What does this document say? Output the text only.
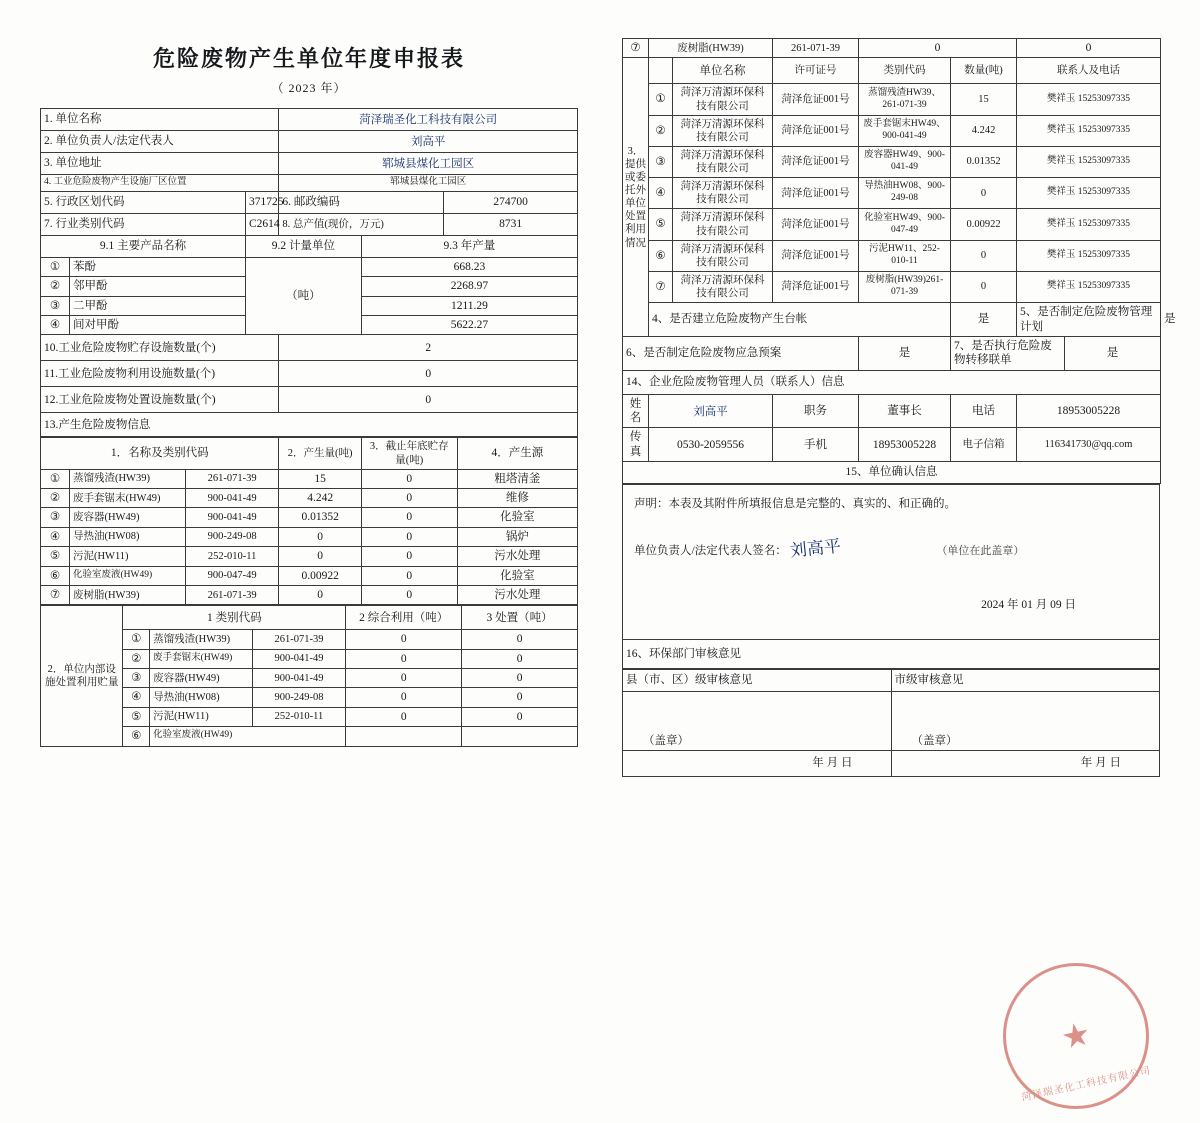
危险废物产生单位年度申报表
（ 2023 年）
1. 单位名称			菏泽瑞圣化工科技有限公司		
2. 单位负责人/法定代表人			刘高平		
3. 单位地址			郓城县煤化工园区		
4. 工业危险废物产生设施厂区位置			郓城县煤化工园区		
5. 行政区划代码		371725	6. 邮政编码		274700
7. 行业类别代码		C2614	8. 总产值(现价，万元)		8731
9.1 主要产品名称		9.2 计量单位		9.3 年产量	
①	苯酚	（吨）		668.23	
②	邻甲酚			2268.97	
③	二甲酚			1211.29	
④	间对甲酚			5622.27	
10.工业危险废物贮存设施数量(个)			2		
11.工业危险废物利用设施数量(个)			0		
12.工业危险废物处置设施数量(个)			0		
13.产生危险废物信息					
1．名称及类别代码			2．产生量(吨)	3．截止年底贮存量(吨)	4．产生源
①	蒸馏残渣(HW39)	261-071-39	15	0	粗塔清釜
②	废手套锯末(HW49)	900-041-49	4.242	0	维修
③	废容器(HW49)	900-041-49	0.01352	0	化验室
④	导热油(HW08)	900-249-08	0	0	锅炉
⑤	污泥(HW11)	252-010-11	0	0	污水处理
⑥	化验室废液(HW49)	900-047-49	0.00922	0	化验室
⑦	废树脂(HW39)	261-071-39	0	0	污水处理
2．单位内部设施处置利用贮量	1 类别代码			2 综合利用（吨）	3 处置（吨）
	①	蒸馏残渣(HW39)	261-071-39	0	0
	②	废手套锯末(HW49)	900-041-49	0	0
	③	废容器(HW49)	900-041-49	0	0
	④	导热油(HW08)	900-249-08	0	0
	⑤	污泥(HW11)	252-010-11	0	0
	⑥	化验室废液(HW49)			
⑦	废树脂(HW39)		261-071-39	0		0		
3．提供或委托外单位处置利用情况		单位名称	许可证号	类别代码	数量(吨)	联系人及电话		
	①	菏泽万清源环保科技有限公司	菏泽危证001号	蒸馏残渣HW39、261-071-39	15	樊祥玉 15253097335		
	②	菏泽万清源环保科技有限公司	菏泽危证001号	废手套锯末HW49、900-041-49	4.242	樊祥玉 15253097335		
	③	菏泽万清源环保科技有限公司	菏泽危证001号	废容器HW49、900-041-49	0.01352	樊祥玉 15253097335		
	④	菏泽万清源环保科技有限公司	菏泽危证001号	导热油HW08、900-249-08	0	樊祥玉 15253097335		
	⑤	菏泽万清源环保科技有限公司	菏泽危证001号	化验室HW49、900-047-49	0.00922	樊祥玉 15253097335		
	⑥	菏泽万清源环保科技有限公司	菏泽危证001号	污泥HW11、252-010-11	0	樊祥玉 15253097335		
	⑦	菏泽万清源环保科技有限公司	菏泽危证001号	废树脂(HW39)261-071-39	0	樊祥玉 15253097335		
	4、是否建立危险废物产生台帐				是	5、是否制定危险废物管理计划		是
6、是否制定危险废物应急预案				是	7、是否执行危险废物转移联单		是	
14、企业危险废物管理人员（联系人）信息								
姓名	刘高平		职务	董事长	电话	18953005228		
传真	0530-2059556		手机	18953005228	电子信箱	116341730@qq.com		
15、单位确认信息								
声明：本表及其附件所填报信息是完整的、真实的、和正确的。
单位负责人/法定代表人签名： 刘高平	（单位在此盖章）
2024 年 01 月 09 日
菏泽瑞圣化工科技有限公司

16、环保部门审核意见
县（市、区）级审核意见	市级审核意见
（盖章）	（盖章）
年 月 日	年 月 日
